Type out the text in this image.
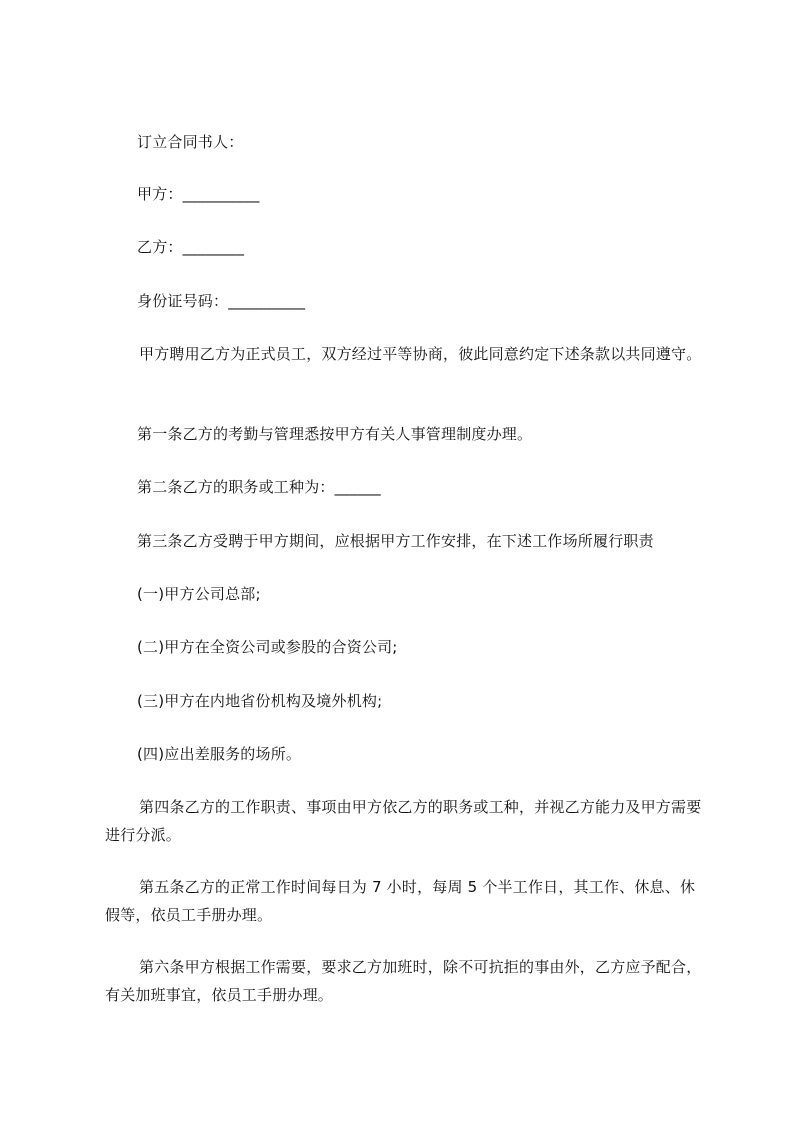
订立合同书人：
甲方：__________
乙方：________
身份证号码：__________
甲方聘用乙方为正式员工，双方经过平等协商，彼此同意约定下述条款以共同遵守。
第一条乙方的考勤与管理悉按甲方有关人事管理制度办理。
第二条乙方的职务或工种为：______
第三条乙方受聘于甲方期间，应根据甲方工作安排，在下述工作场所履行职责
(一)甲方公司总部;
(二)甲方在全资公司或参股的合资公司;
(三)甲方在内地省份机构及境外机构;
(四)应出差服务的场所。
第四条乙方的工作职责、事项由甲方依乙方的职务或工种，并视乙方能力及甲方需要进行分派。
第五条乙方的正常工作时间每日为 7 小时，每周 5 个半工作日，其工作、休息、休假等，依员工手册办理。
第六条甲方根据工作需要，要求乙方加班时，除不可抗拒的事由外，乙方应予配合，有关加班事宜，依员工手册办理。
